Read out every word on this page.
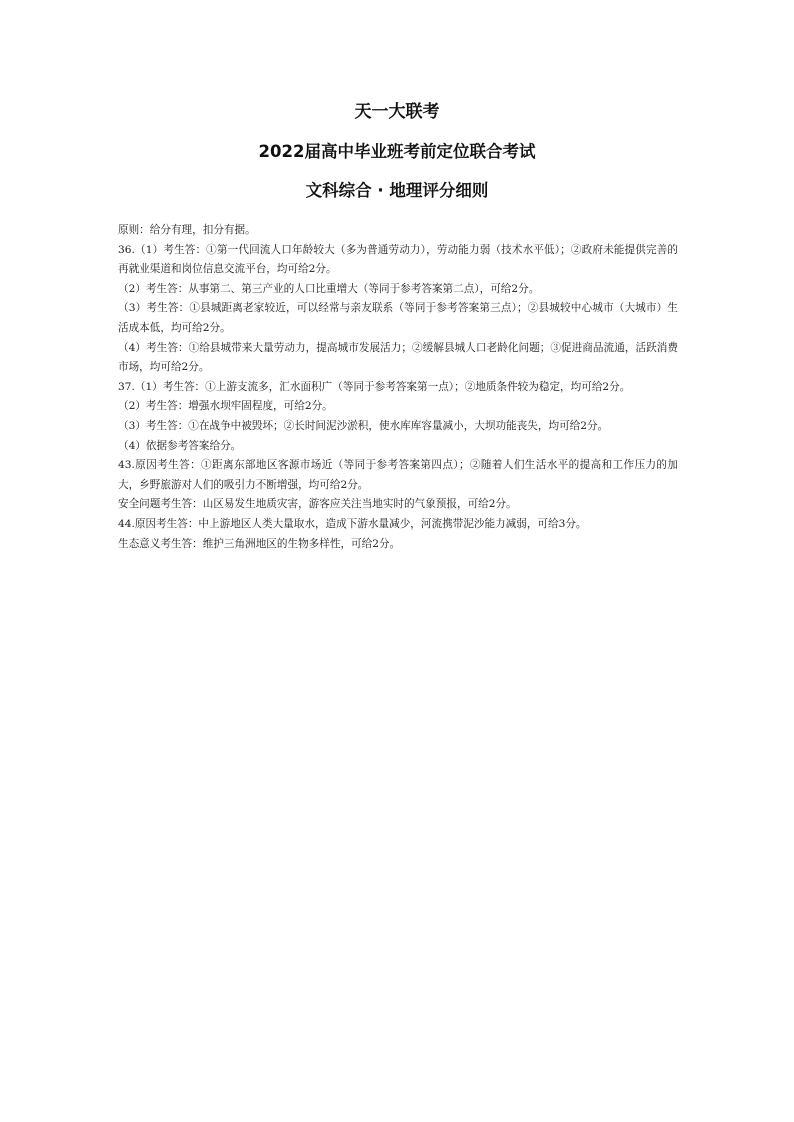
天一大联考
2022届高中毕业班考前定位联合考试
文科综合 · 地理评分细则

原则：给分有理，扣分有据。

36.（1）考生答：①第一代回流人口年龄较大（多为普通劳动力），劳动能力弱（技术水平低）；②政府未能提供完善的再就业渠道和岗位信息交流平台，均可给2分。

（2）考生答：从事第二、第三产业的人口比重增大（等同于参考答案第二点），可给2分。

（3）考生答：①县城距离老家较近，可以经常与亲友联系（等同于参考答案第三点）；②县城较中心城市（大城市）生活成本低，均可给2分。

（4）考生答：①给县城带来大量劳动力，提高城市发展活力；②缓解县城人口老龄化问题；③促进商品流通，活跃消费市场，均可给2分。

37.（1）考生答：①上游支流多，汇水面积广（等同于参考答案第一点）；②地质条件较为稳定，均可给2分。

（2）考生答：增强水坝牢固程度，可给2分。

（3）考生答：①在战争中被毁坏；②长时间泥沙淤积，使水库库容量减小，大坝功能丧失，均可给2分。

（4）依据参考答案给分。

43.原因考生答：①距离东部地区客源市场近（等同于参考答案第四点）；②随着人们生活水平的提高和工作压力的加大，乡野旅游对人们的吸引力不断增强，均可给2分。

安全问题考生答：山区易发生地质灾害，游客应关注当地实时的气象预报，可给2分。

44.原因考生答：中上游地区人类大量取水，造成下游水量减少，河流携带泥沙能力减弱，可给3分。

生态意义考生答：维护三角洲地区的生物多样性，可给2分。
